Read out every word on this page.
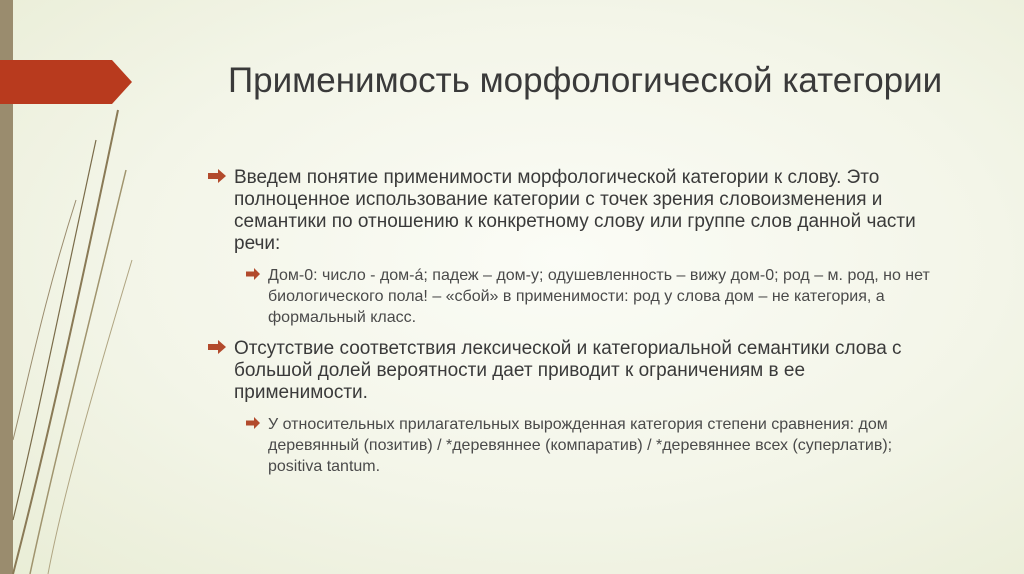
Применимость морфологической категории
Введем понятие применимости морфологической категории к слову. Это полноценное использование категории с точек зрения словоизменения и семантики по отношению к конкретному слову или группе слов данной части речи:
Дом-0: число - дом-á; падеж – дом-у; одушевленность – вижу дом-0; род – м. род, но нет биологического пола! – «сбой» в применимости: род у слова дом – не категория, а формальный класс.
Отсутствие соответствия лексической и категориальной семантики слова с большой долей вероятности дает приводит к ограничениям в ее применимости.
У относительных прилагательных вырожденная категория степени сравнения: дом деревянный (позитив) / *деревяннее (компаратив) / *деревяннее всех (суперлатив); positiva tantum.
